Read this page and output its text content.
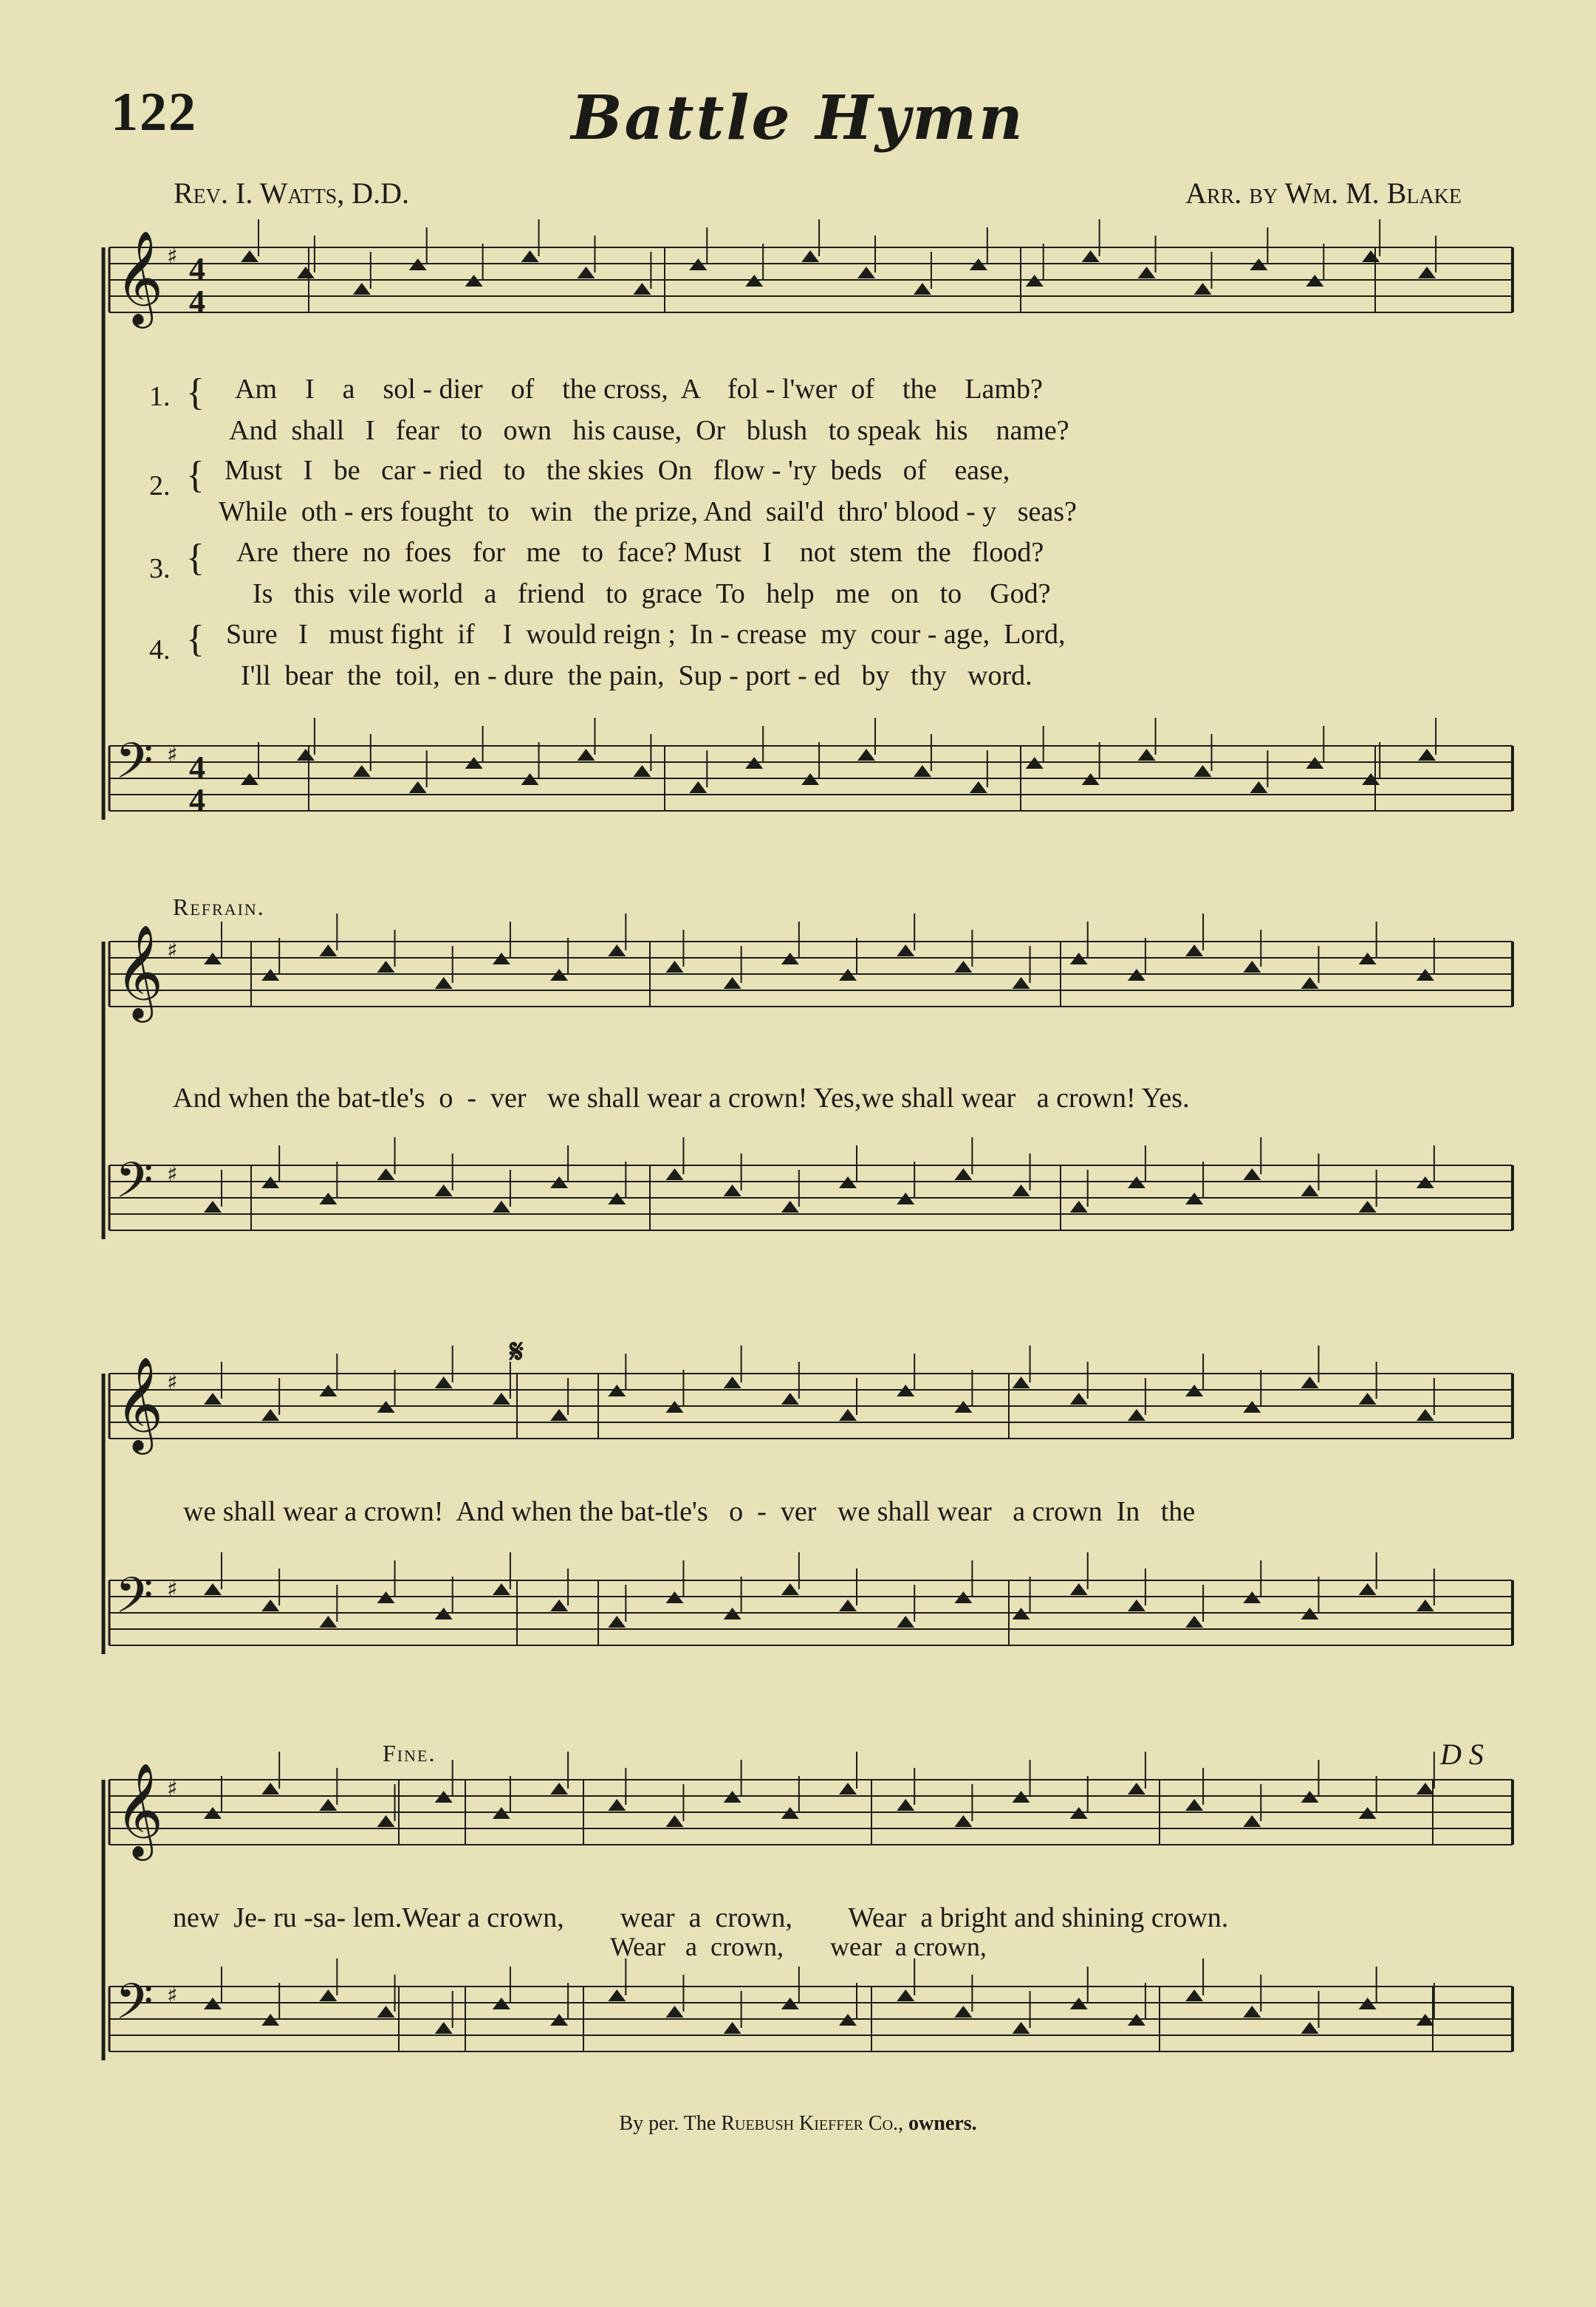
122	Battle Hymn
Rev. I. Watts, D.D.	Arr. by Wm. M. Blake
𝄞 ♯ 4
4
𝄢 ♯ 4
4
𝄞 ♯
𝄢 ♯
𝄞 ♯
𝄢 ♯
𝄞 ♯
𝄢 ♯
1. { Am    I    a    sol - dier    of    the cross,  A    fol - l'wer  of    the    Lamb?
And  shall   I   fear   to   own   his cause,  Or   blush   to speak  his    name?
2. { Must   I   be   car - ried   to   the skies  On   flow - 'ry  beds   of    ease,
While  oth - ers fought  to   win   the prize, And  sail'd  thro' blood - y   seas?
3. { Are  there  no  foes   for   me   to  face? Must   I    not  stem  the   flood?
Is   this  vile world   a   friend   to  grace  To   help   me   on   to    God?
4. { Sure   I   must fight  if    I  would reign ;  In - crease  my  cour - age,  Lord,
I'll  bear  the  toil,  en - dure  the pain,  Sup - port - ed   by   thy   word.
Refrain.
And when the bat-tle's  o  -  ver   we shall wear a crown! Yes,we shall wear   a crown! Yes.
𝄋
we shall wear a crown!  And when the bat-tle's   o  -  ver   we shall wear   a crown  In   the
Fine.	D S
new  Je- ru -sa- lem.Wear a crown,        wear  a  crown,        Wear  a bright and shining crown.
Wear   a  crown,       wear  a crown,
By per. The Ruebush Kieffer Co., owners.
